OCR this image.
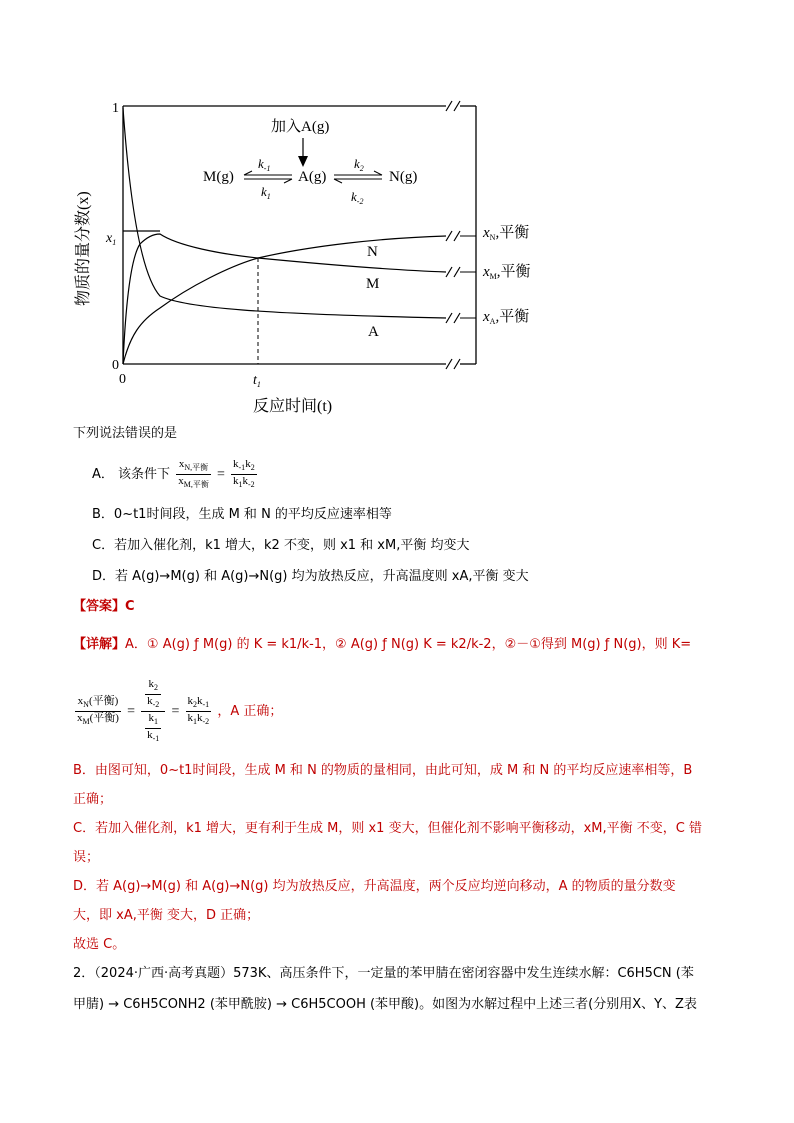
加入A(g)
M(g)	A(g)	N(g)
$k_{-1}$
$k_1$
$k_2$
$k_{-2}$
1
0
0
$x_1$
$t_1$
反应时间(t)
物质的量分数(x)	N
M
A
$x_N$,平衡
$x_M$,平衡
$x_A$,平衡
下列说法错误的是
A． 该条件下 $\frac{x_{N,平衡}}{x_{M,平衡}} = \frac{k_{-1}k_2}{k_1k_{-2}}$
B．0~t1时间段，生成 M 和 N 的平均反应速率相等
C．若加入催化剂，k1 增大，k2 不变，则 x1 和 xM,平衡 均变大
D．若 A(g)→M(g) 和 A(g)→N(g) 均为放热反应，升高温度则 xA,平衡 变大
【答案】C
【详解】A．① A(g) ƒ M(g) 的 K = k1/k-1，② A(g) ƒ N(g) K = k2/k-2，②－①得到 M(g) ƒ N(g)，则 K=
$\frac{x_N(平衡)}{x_M(平衡)} = \frac{\frac{k_2}{k_{-2}}}{\frac{k_1}{k_{-1}}} = \frac{k_2k_{-1}}{k_1k_{-2}}$ ，A 正确；
B．由图可知，0~t1时间段，生成 M 和 N 的物质的量相同，由此可知，成 M 和 N 的平均反应速率相等，B
正确；
C．若加入催化剂，k1 增大，更有利于生成 M，则 x1 变大，但催化剂不影响平衡移动，xM,平衡 不变，C 错
误；
D．若 A(g)→M(g) 和 A(g)→N(g) 均为放热反应，升高温度，两个反应均逆向移动，A 的物质的量分数变
大，即 xA,平衡 变大，D 正确；
故选 C。
2．（2024·广西·高考真题）573K、高压条件下，一定量的苯甲腈在密闭容器中发生连续水解：C6H5CN (苯
甲腈) → C6H5CONH2 (苯甲酰胺) → C6H5COOH (苯甲酸)。如图为水解过程中上述三者(分别用X、Y、Z表
